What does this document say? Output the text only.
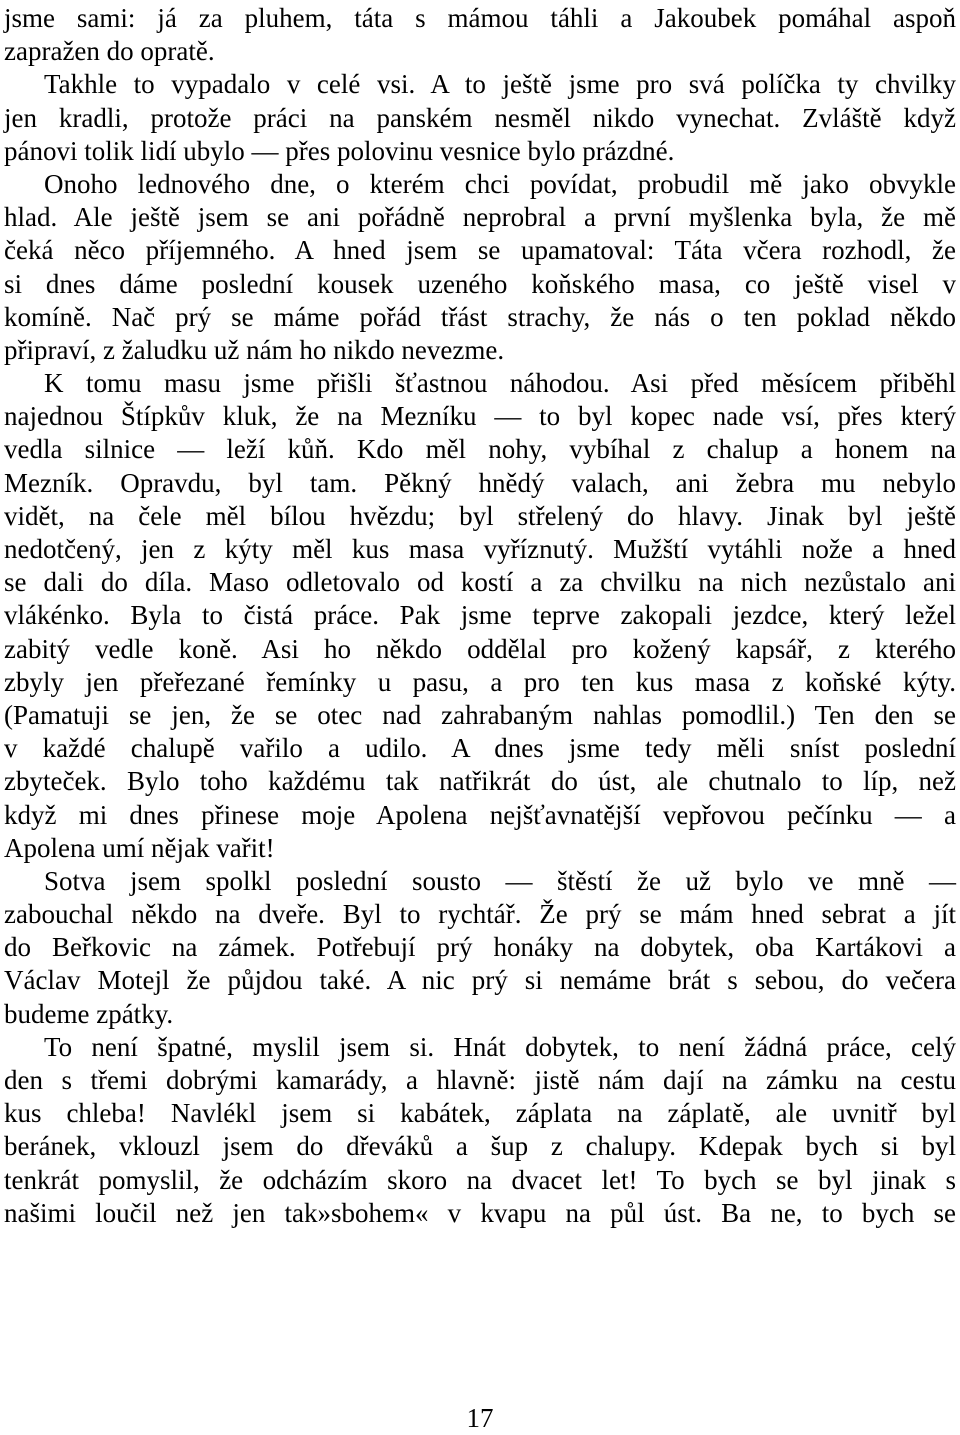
jsme sami: já za pluhem, táta s mámou táhli a Jakoubek pomáhal aspoň
zapražen do opratě.
Takhle to vypadalo v celé vsi. A to ještě jsme pro svá políčka ty chvilky
jen kradli, protože práci na panském nesměl nikdo vynechat. Zvláště když
pánovi tolik lidí ubylo — přes polovinu vesnice bylo prázdné.
Onoho lednového dne, o kterém chci povídat, probudil mě jako obvykle
hlad. Ale ještě jsem se ani pořádně neprobral a první myšlenka byla, že mě
čeká něco příjemného. A hned jsem se upamatoval: Táta včera rozhodl, že
si dnes dáme poslední kousek uzeného koňského masa, co ještě visel v
komíně. Nač prý se máme pořád třást strachy, že nás o ten poklad někdo
připraví, z žaludku už nám ho nikdo nevezme.
K tomu masu jsme přišli šťastnou náhodou. Asi před měsícem přiběhl
najednou Štípkův kluk, že na Mezníku — to byl kopec nade vsí, přes který
vedla silnice — leží kůň. Kdo měl nohy, vybíhal z chalup a honem na
Mezník. Opravdu, byl tam. Pěkný hnědý valach, ani žebra mu nebylo
vidět, na čele měl bílou hvězdu; byl střelený do hlavy. Jinak byl ještě
nedotčený, jen z kýty měl kus masa vyříznutý. Mužští vytáhli nože a hned
se dali do díla. Maso odletovalo od kostí a za chvilku na nich nezůstalo ani
vlákénko. Byla to čistá práce. Pak jsme teprve zakopali jezdce, který ležel
zabitý vedle koně. Asi ho někdo oddělal pro kožený kapsář, z kterého
zbyly jen přeřezané řemínky u pasu, a pro ten kus masa z koňské kýty.
(Pamatuji se jen, že se otec nad zahrabaným nahlas pomodlil.) Ten den se
v každé chalupě vařilo a udilo. A dnes jsme tedy měli sníst poslední
zbyteček. Bylo toho každému tak natřikrát do úst, ale chutnalo to líp, než
když mi dnes přinese moje Apolena nejšťavnatější vepřovou pečínku — a
Apolena umí nějak vařit!
Sotva jsem spolkl poslední sousto — štěstí že už bylo ve mně —
zabouchal někdo na dveře. Byl to rychtář. Že prý se mám hned sebrat a jít
do Beřkovic na zámek. Potřebují prý honáky na dobytek, oba Kartákovi a
Václav Motejl že půjdou také. A nic prý si nemáme brát s sebou, do večera
budeme zpátky.
To není špatné, myslil jsem si. Hnát dobytek, to není žádná práce, celý
den s třemi dobrými kamarády, a hlavně: jistě nám dají na zámku na cestu
kus chleba! Navlékl jsem si kabátek, záplata na záplatě, ale uvnitř byl
beránek, vklouzl jsem do dřeváků a šup z chalupy. Kdepak bych si byl
tenkrát pomyslil, že odcházím skoro na dvacet let! To bych se byl jinak s
našimi loučil než jen tak»sbohem« v kvapu na půl úst. Ba ne, to bych se
17
